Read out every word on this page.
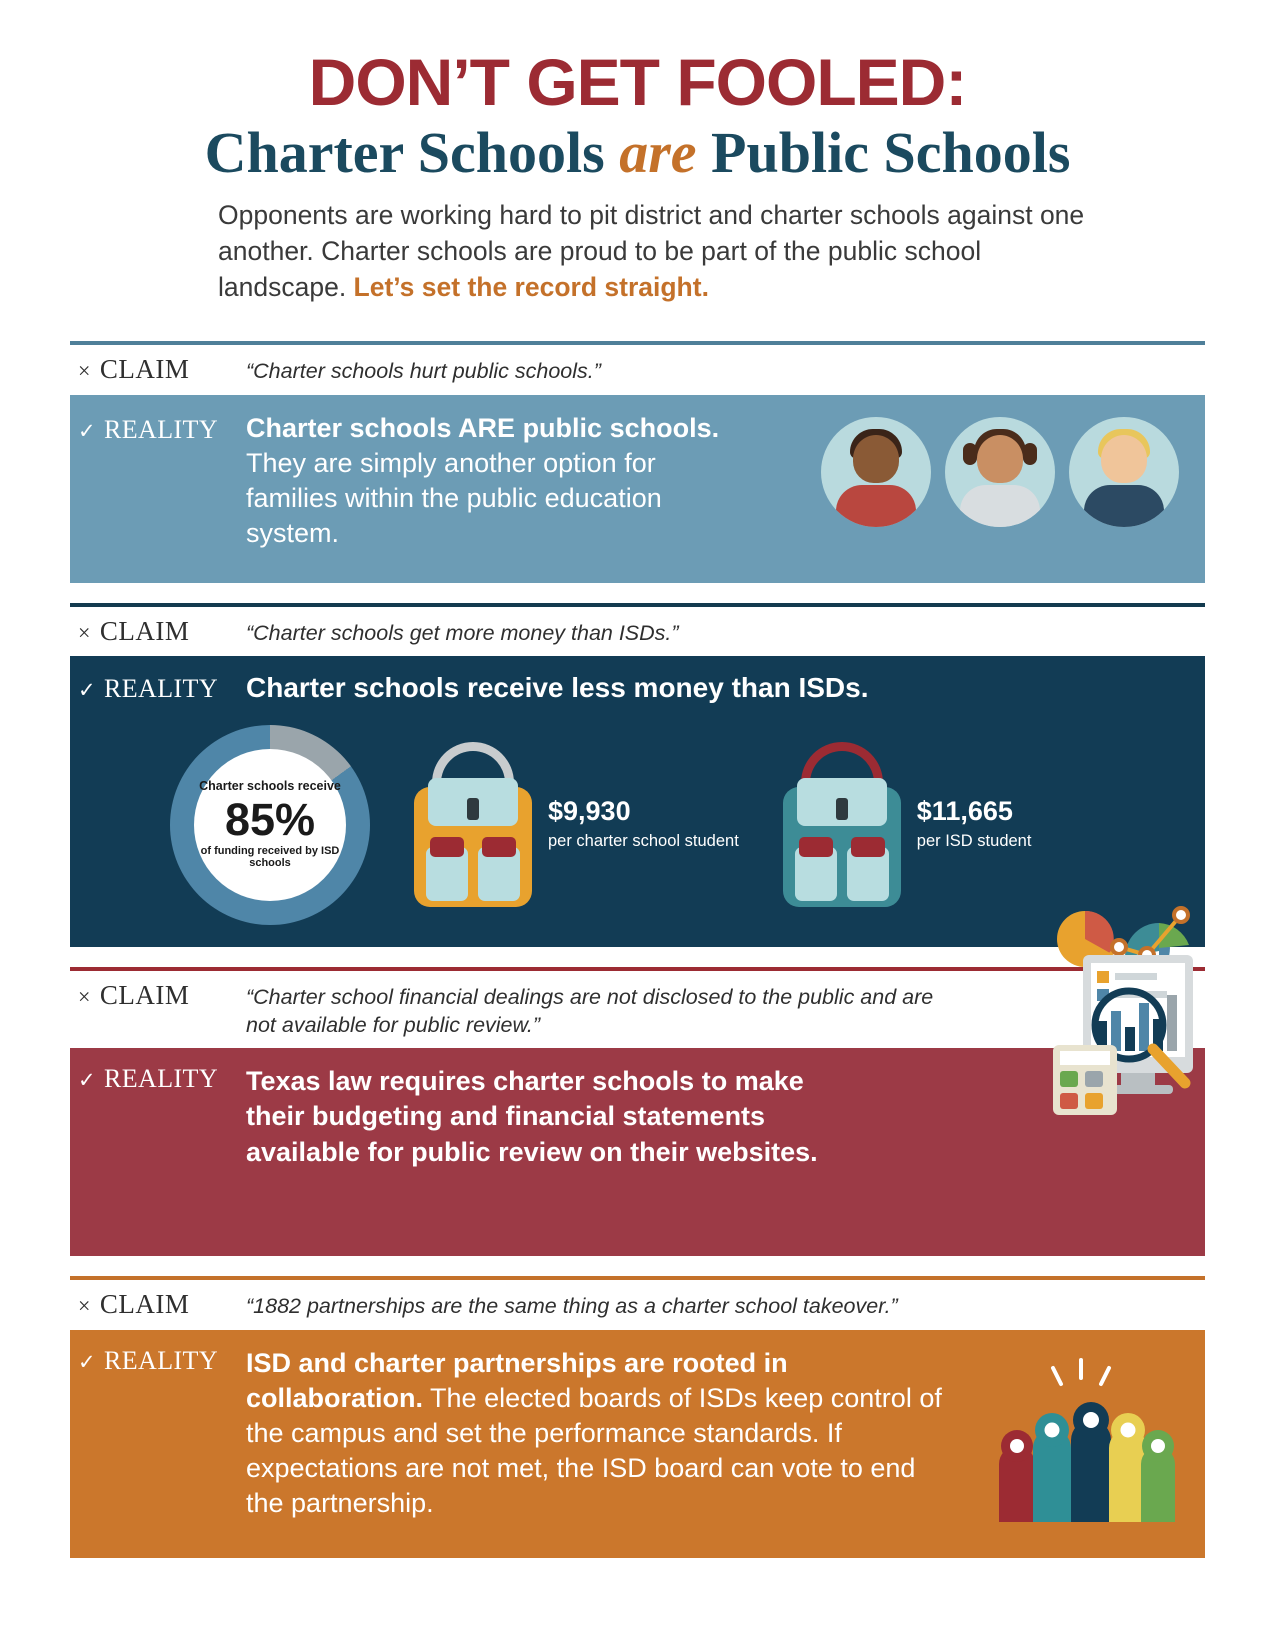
DON’T GET FOOLED:
Charter Schools are Public Schools
Opponents are working hard to pit district and charter schools against one another. Charter schools are proud to be part of the public school landscape. Let’s set the record straight.
× CLAIM	“Charter schools hurt public schools.”
✓ REALITY Charter schools ARE public schools. They are simply another option for families within the public education system.
× CLAIM	“Charter schools get more money than ISDs.”
✓ REALITY Charter schools receive less money than ISDs.
Charter schools receive
85%
of funding received by ISD schools
$9,930
per charter school student
$11,665
per ISD student
× CLAIM	“Charter school financial dealings are not disclosed to the public and are not available for public review.”
✓ REALITY Texas law requires charter schools to make their budgeting and financial statements available for public review on their websites.
× CLAIM	“1882 partnerships are the same thing as a charter school takeover.”
✓ REALITY ISD and charter partnerships are rooted in collaboration. The elected boards of ISDs keep control of the campus and set the performance standards. If expectations are not met, the ISD board can vote to end the partnership.
